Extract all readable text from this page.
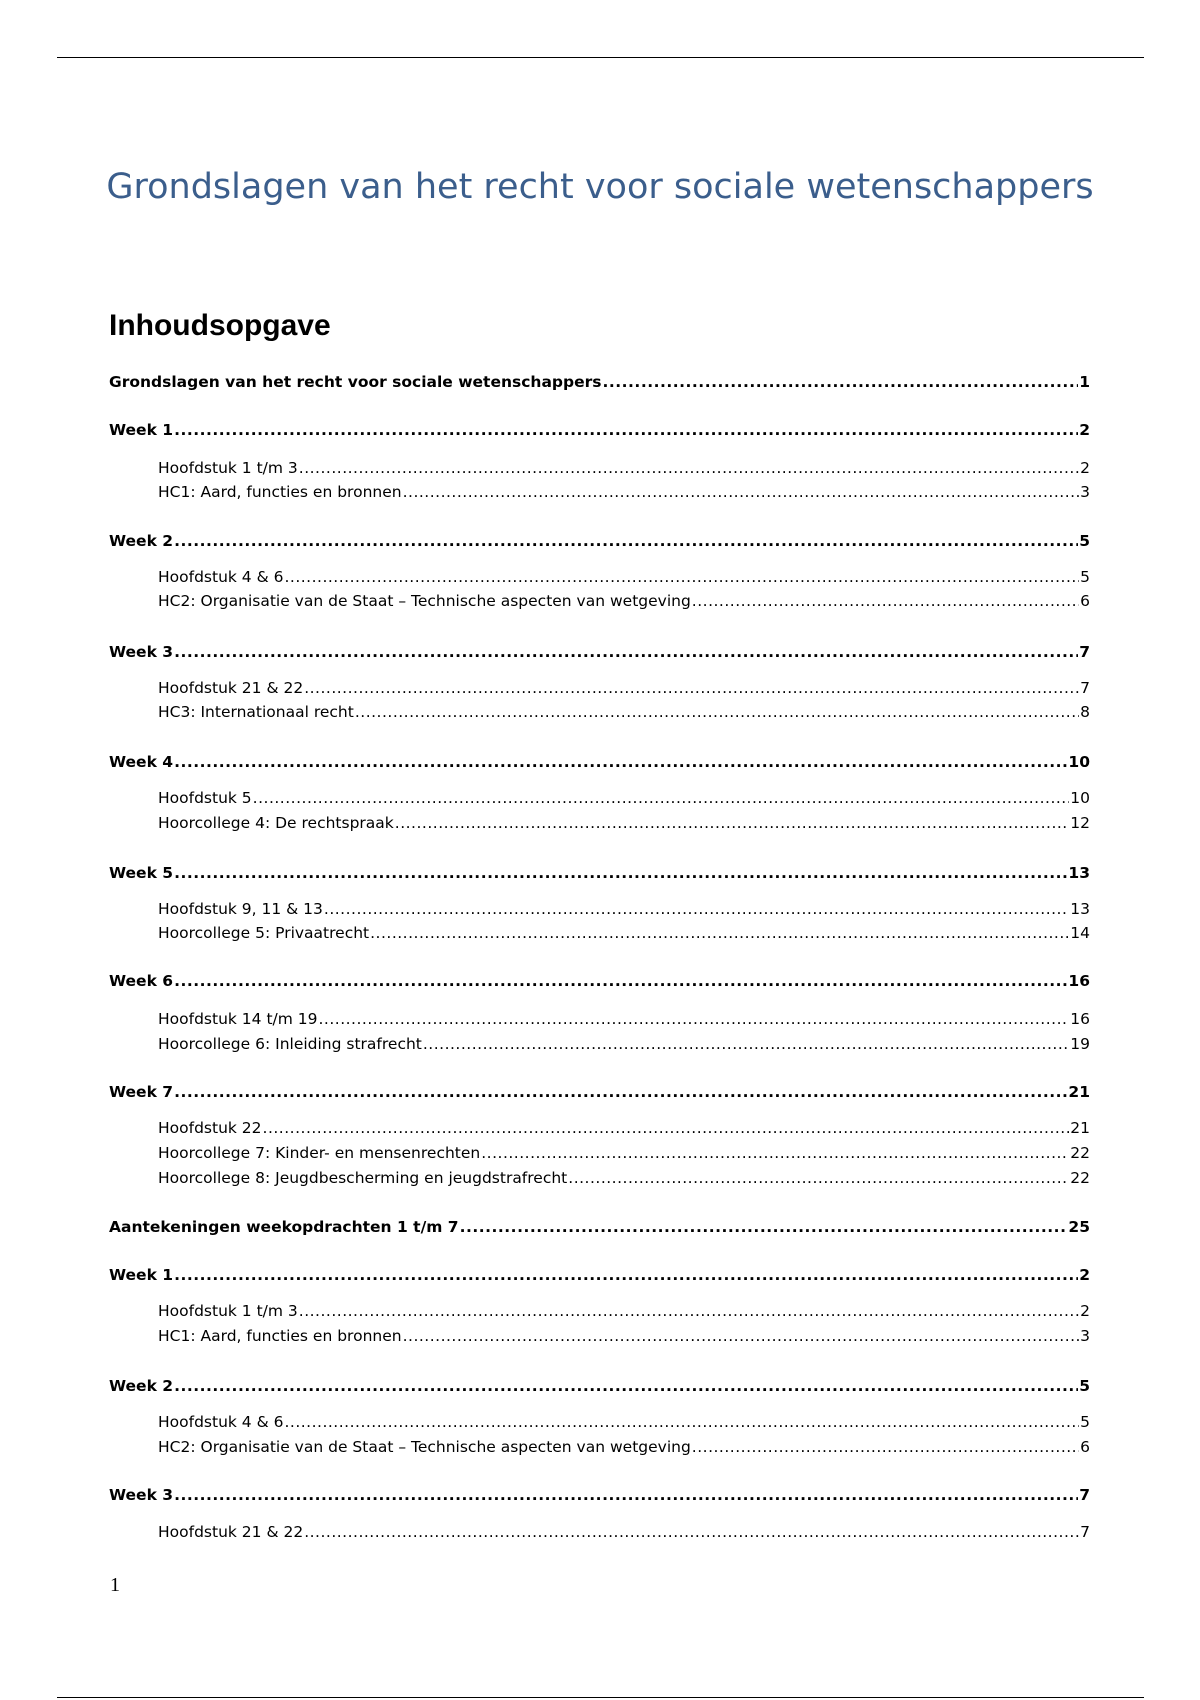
Grondslagen van het recht voor sociale wetenschappers
Inhoudsopgave
Grondslagen van het recht voor sociale wetenschappers .....	1
Week 1 .....	2
Hoofdstuk 1 t/m 3 .....	2
HC1: Aard, functies en bronnen .....	3
Week 2 .....	5
Hoofdstuk 4 & 6 .....	5
HC2: Organisatie van de Staat – Technische aspecten van wetgeving .....	6
Week 3 .....	7
Hoofdstuk 21 & 22 .....	7
HC3: Internationaal recht .....	8
Week 4 .....	10
Hoofdstuk 5 .....	10
Hoorcollege 4: De rechtspraak .....	12
Week 5 .....	13
Hoofdstuk 9, 11 & 13 .....	13
Hoorcollege 5: Privaatrecht .....	14
Week 6 .....	16
Hoofdstuk 14 t/m 19 .....	16
Hoorcollege 6: Inleiding strafrecht .....	19
Week 7 .....	21
Hoofdstuk 22 .....	21
Hoorcollege 7: Kinder- en mensenrechten .....	22
Hoorcollege 8: Jeugdbescherming en jeugdstrafrecht .....	22
Aantekeningen weekopdrachten 1 t/m 7 .....	25
Week 1 .....	2
Hoofdstuk 1 t/m 3 .....	2
HC1: Aard, functies en bronnen .....	3
Week 2 .....	5
Hoofdstuk 4 & 6 .....	5
HC2: Organisatie van de Staat – Technische aspecten van wetgeving .....	6
Week 3 .....	7
Hoofdstuk 21 & 22 .....	7
1
